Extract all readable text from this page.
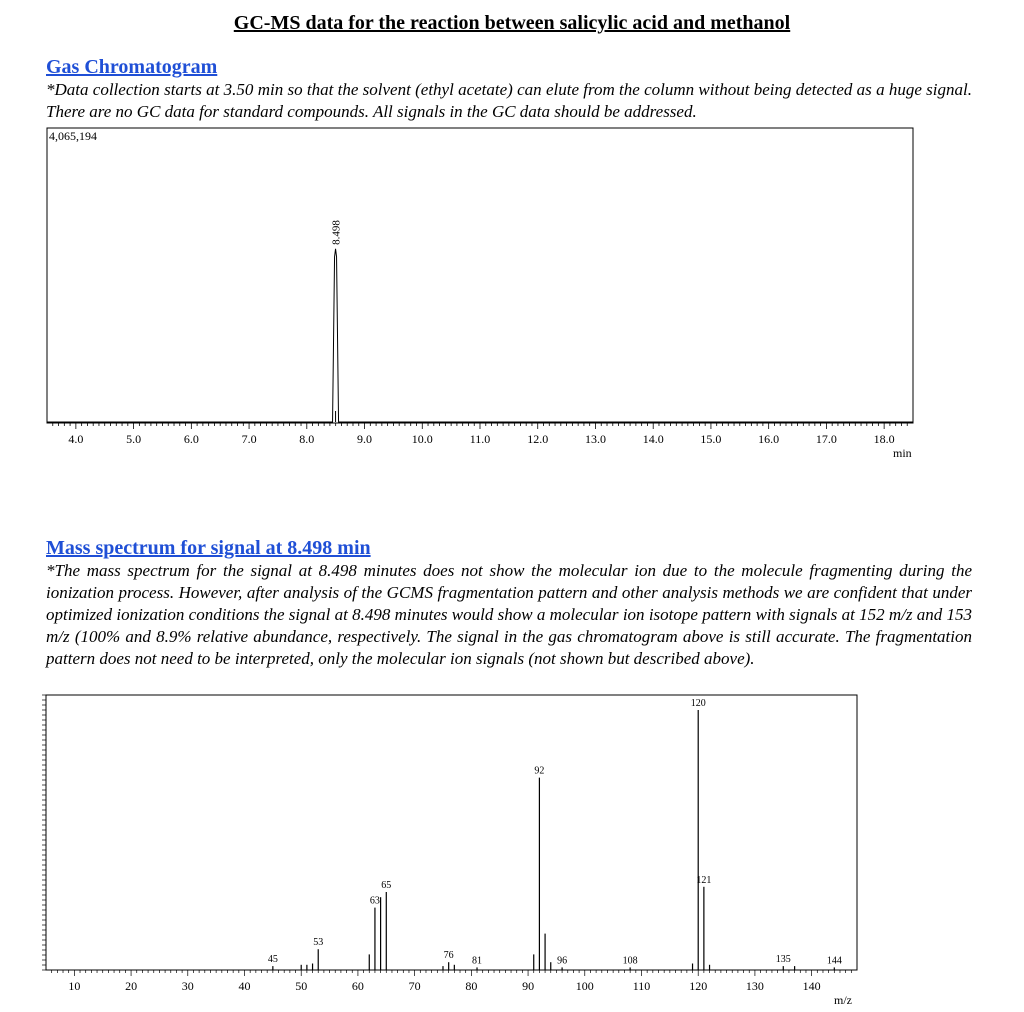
GC-MS data for the reaction between salicylic acid and methanol
Gas Chromatogram
*Data collection starts at 3.50 min so that the solvent (ethyl acetate) can elute from the column without being detected as a huge signal. There are no GC data for standard compounds. All signals in the GC data should be addressed.
Mass spectrum for signal at 8.498 min
*The mass spectrum for the signal at 8.498 minutes does not show the molecular ion due to the molecule fragmenting during the ionization process. However, after analysis of the GCMS fragmentation pattern and other analysis methods we are confident that under optimized ionization conditions the signal at 8.498 minutes would show a molecular ion isotope pattern with signals at 152 m/z and 153 m/z (100% and 8.9% relative abundance, respectively. The signal in the gas chromatogram above is still accurate. The fragmentation pattern does not need to be interpreted, only the molecular ion signals (not shown but described above).
4,065,194
4.0	5.0	6.0	7.0	8.0	9.0	10.0	11.0	12.0	13.0	14.0	15.0	16.0	17.0	18.0
8.498
min
10	20	30	40	50	60	70	80	90	100	110	120	130	140
120
92
121
65
63
53
45	76 81	96	108	135	144
m/z
